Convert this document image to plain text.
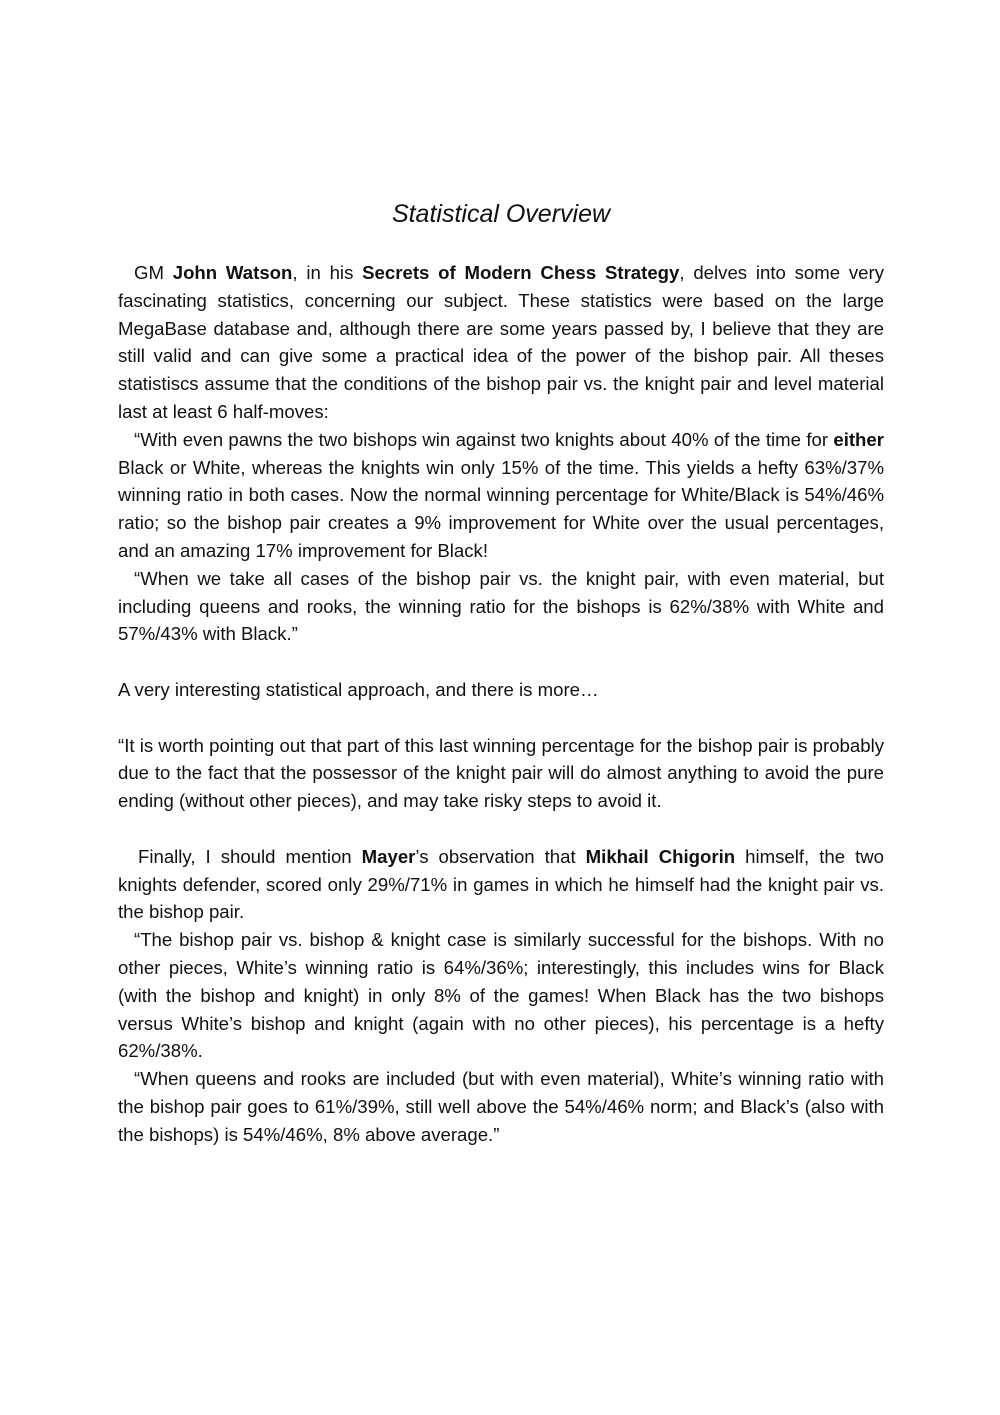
Statistical Overview

GM John Watson, in his Secrets of Modern Chess Strategy, delves into some very fascinating statistics, concerning our subject. These statistics were based on the large MegaBase database and, although there are some years passed by, I believe that they are still valid and can give some a practical idea of the power of the bishop pair. All theses statistiscs assume that the conditions of the bishop pair vs. the knight pair and level material last at least 6 half-moves:

“With even pawns the two bishops win against two knights about 40% of the time for either Black or White, whereas the knights win only 15% of the time. This yields a hefty 63%/37% winning ratio in both cases. Now the normal winning percentage for White/Black is 54%/46% ratio; so the bishop pair creates a 9% improvement for White over the usual percentages, and an amazing 17% improvement for Black!

“When we take all cases of the bishop pair vs. the knight pair, with even material, but including queens and rooks, the winning ratio for the bishops is 62%/38% with White and 57%/43% with Black.”

A very interesting statistical approach, and there is more…

“It is worth pointing out that part of this last winning percentage for the bishop pair is probably due to the fact that the possessor of the knight pair will do almost anything to avoid the pure ending (without other pieces), and may take risky steps to avoid it.

Finally, I should mention Mayer’s observation that Mikhail Chigorin himself, the two knights defender, scored only 29%/71% in games in which he himself had the knight pair vs. the bishop pair.

“The bishop pair vs. bishop & knight case is similarly successful for the bishops. With no other pieces, White’s winning ratio is 64%/36%; interestingly, this includes wins for Black (with the bishop and knight) in only 8% of the games! When Black has the two bishops versus White’s bishop and knight (again with no other pieces), his percentage is a hefty 62%/38%.

“When queens and rooks are included (but with even material), White’s winning ratio with the bishop pair goes to 61%/39%, still well above the 54%/46% norm; and Black’s (also with the bishops) is 54%/46%, 8% above average.”
